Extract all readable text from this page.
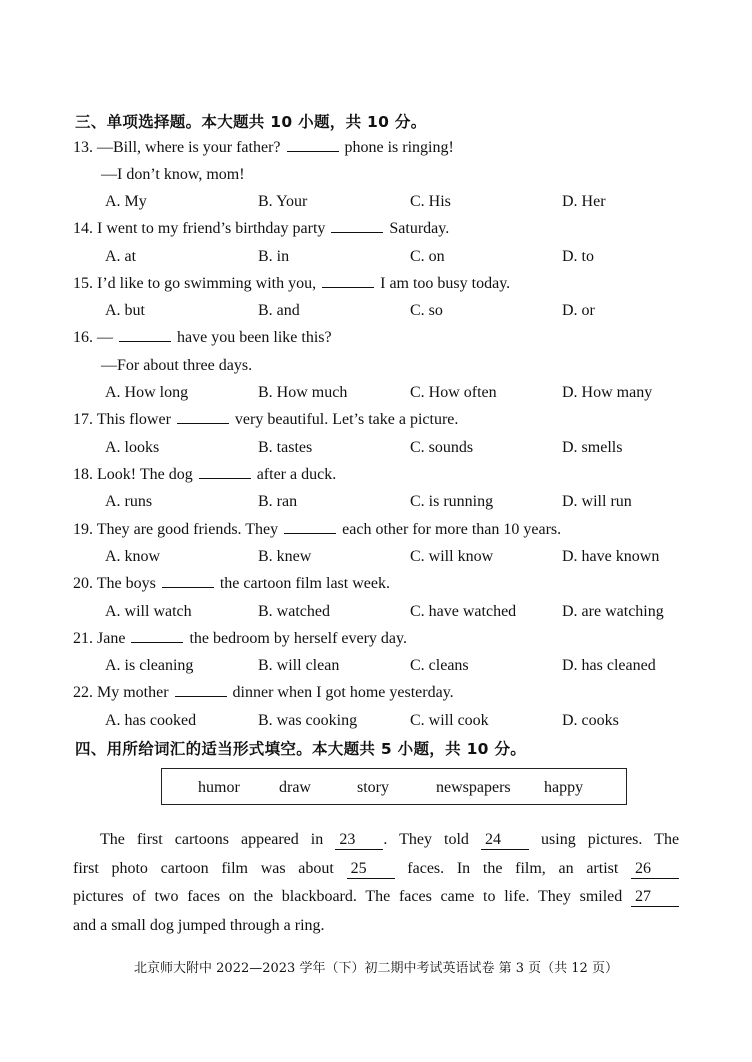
三、单项选择题。本大题共 10 小题，共 10 分。
13. —Bill, where is your father?	phone is ringing!
—I don’t know, mom!
A. My	B. Your	C. His	D. Her
14. I went to my friend’s birthday party	Saturday.
A. at	B. in	C. on	D. to
15. I’d like to go swimming with you,	I am too busy today.
A. but	B. and	C. so	D. or
16. —	have you been like this?
—For about three days.
A. How long	B. How much	C. How often	D. How many
17. This flower	very beautiful. Let’s take a picture.
A. looks	B. tastes	C. sounds	D. smells
18. Look! The dog	after a duck.
A. runs	B. ran	C. is running	D. will run
19. They are good friends. They	each other for more than 10 years.
A. know	B. knew	C. will know	D. have known
20. The boys	the cartoon film last week.
A. will watch	B. watched	C. have watched	D. are watching
21. Jane	the bedroom by herself every day.
A. is cleaning	B. will clean	C. cleans	D. has cleaned
22. My mother	dinner when I got home yesterday.
A. has cooked	B. was cooking	C. will cook	D. cooks
四、用所给词汇的适当形式填空。本大题共 5 小题，共 10 分。
humor draw	story	newspapers happy
The first cartoons appeared in 23 . They told 24	using pictures. The
first photo cartoon film was about 25	faces. In the film, an artist 26
pictures of two faces on the blackboard. The faces came to life. They smiled 27
and a small dog jumped through a ring.
北京师大附中 2022—2023 学年（下）初二期中考试英语试卷 第 3 页（共 12 页）
